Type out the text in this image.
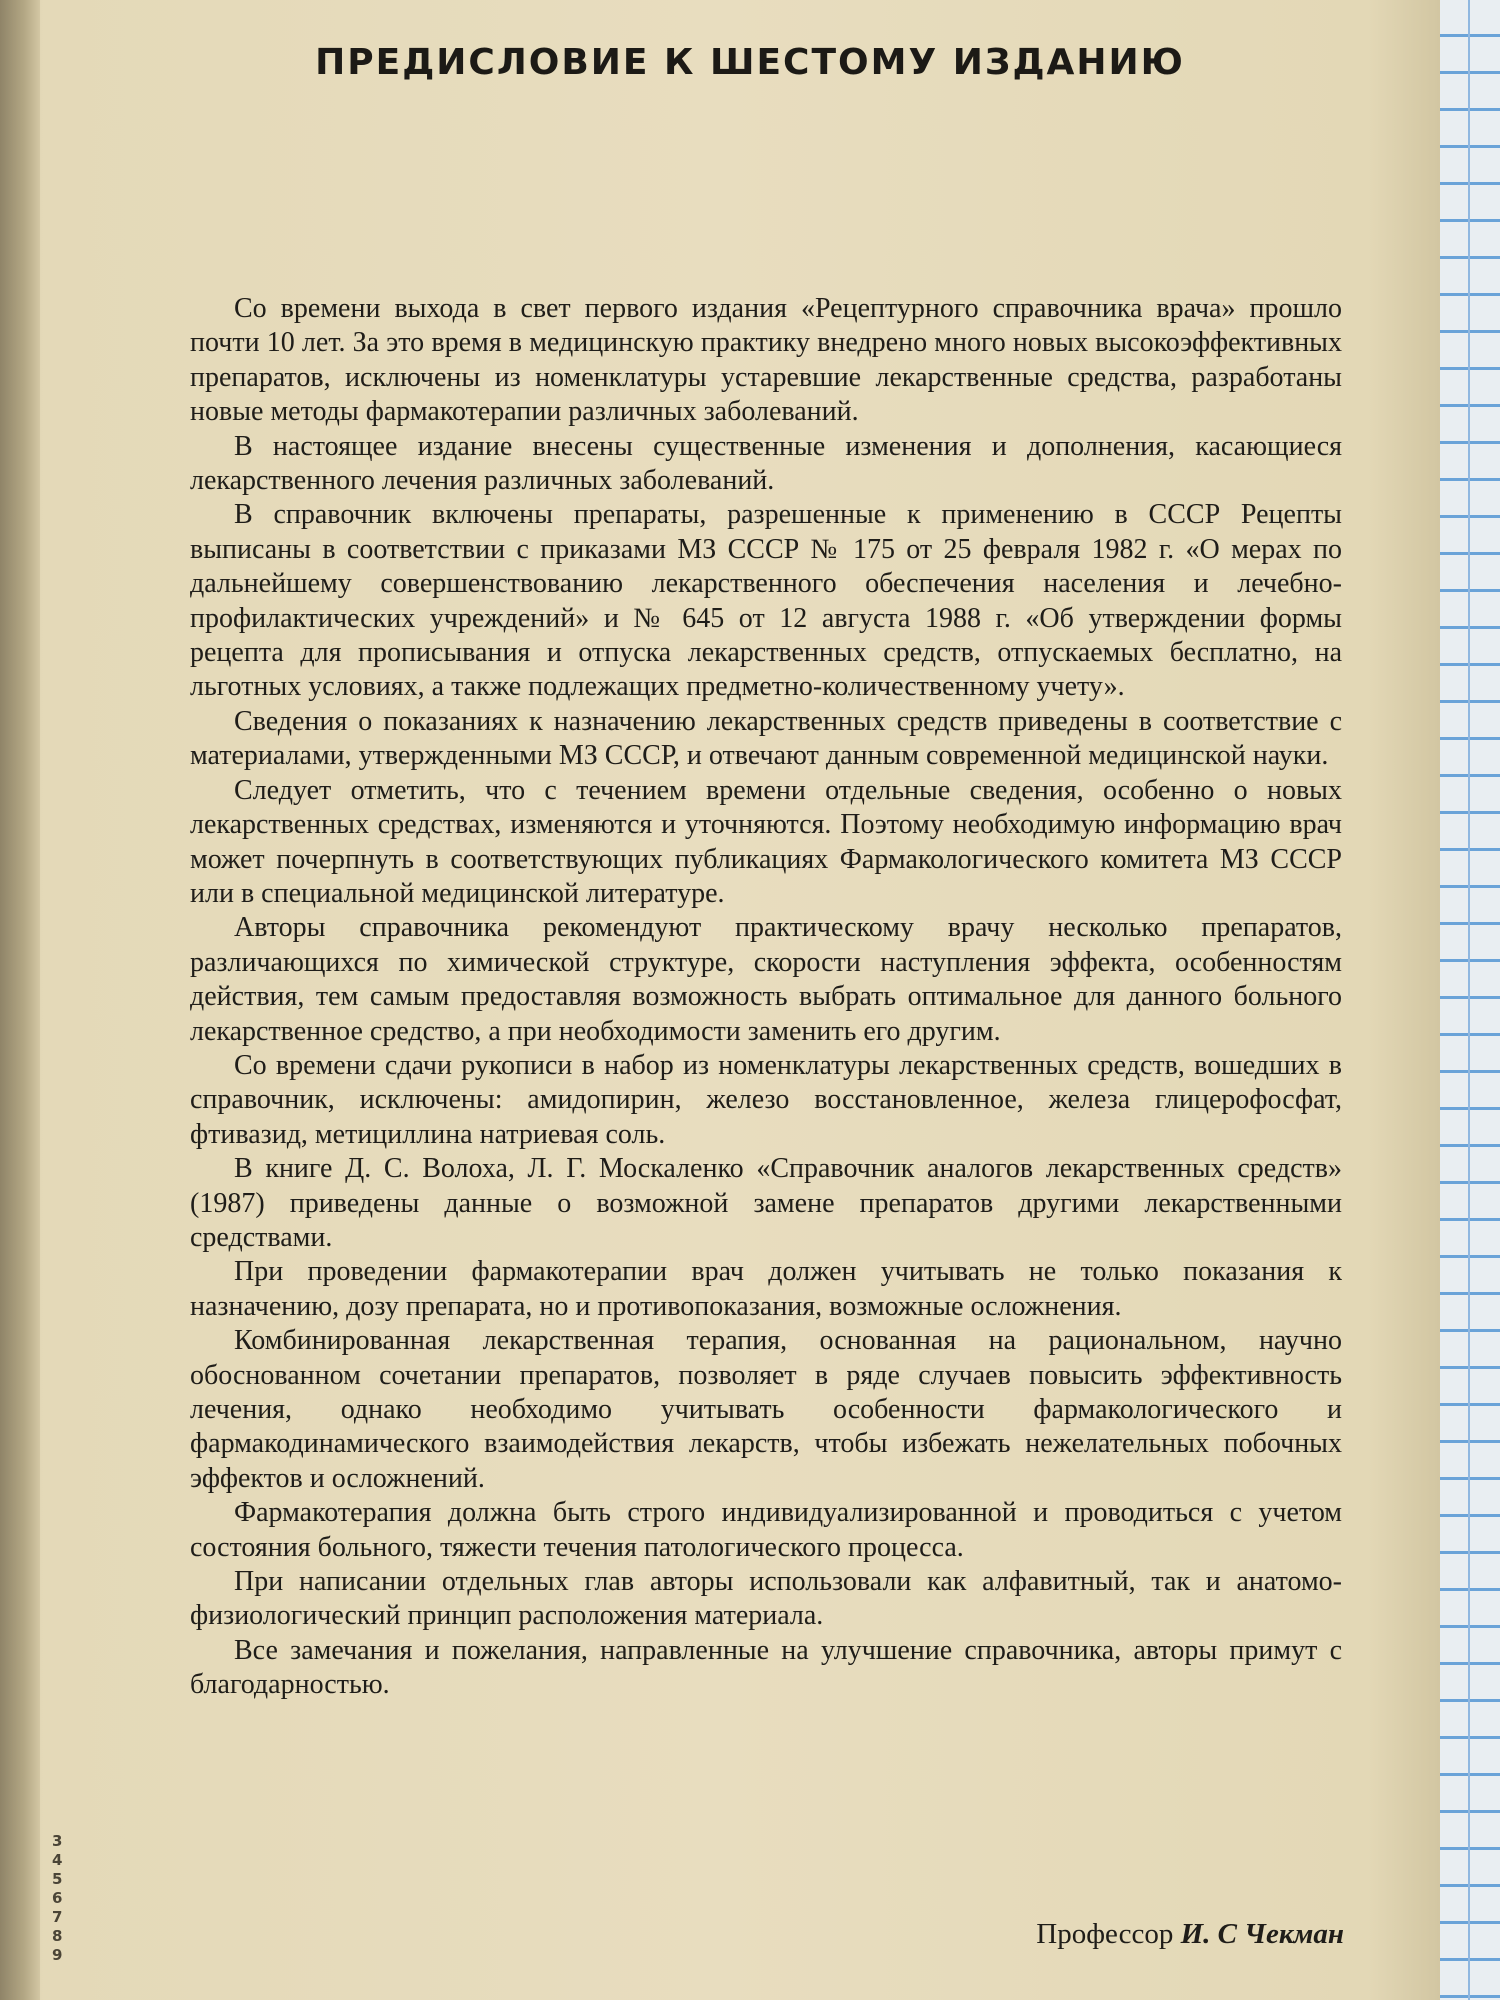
ПРЕДИСЛОВИЕ К ШЕСТОМУ ИЗДАНИЮ

Со времени выхода в свет первого издания «Рецептурного справочника врача» прошло почти 10 лет. За это время в медицинскую практику внедрено много новых высокоэффективных препаратов, исключены из номенклатуры устаревшие лекарственные средства, разработаны новые методы фармакотерапии различных заболеваний.

В настоящее издание внесены существенные изменения и дополнения, касающиеся лекарственного лечения различных заболеваний.

В справочник включены препараты, разрешенные к применению в СССР Рецепты выписаны в соответствии с приказами МЗ СССР № 175 от 25 февраля 1982 г. «О мерах по дальнейшему совершенствованию лекарственного обеспечения населения и лечебно-профилактических учреждений» и № 645 от 12 августа 1988 г. «Об утверждении формы рецепта для прописывания и отпуска лекарственных средств, отпускаемых бесплатно, на льготных условиях, а также подлежащих предметно-количественному учету».

Сведения о показаниях к назначению лекарственных средств приведены в соответствие с материалами, утвержденными МЗ СССР, и отвечают данным современной медицинской науки.

Следует отметить, что с течением времени отдельные сведения, особенно о новых лекарственных средствах, изменяются и уточняются. Поэтому необходимую информацию врач может почерпнуть в соответствующих публикациях Фармакологического комитета МЗ СССР или в специальной медицинской литературе.

Авторы справочника рекомендуют практическому врачу несколько препаратов, различающихся по химической структуре, скорости наступления эффекта, особенностям действия, тем самым предоставляя возможность выбрать оптимальное для данного больного лекарственное средство, а при необходимости заменить его другим.

Со времени сдачи рукописи в набор из номенклатуры лекарственных средств, вошедших в справочник, исключены: амидопирин, железо восстановленное, железа глицерофосфат, фтивазид, метициллина натриевая соль.

В книге Д. С. Волоха, Л. Г. Москаленко «Справочник аналогов лекарственных средств» (1987) приведены данные о возможной замене препаратов другими лекарственными средствами.

При проведении фармакотерапии врач должен учитывать не только показания к назначению, дозу препарата, но и противопоказания, возможные осложнения.

Комбинированная лекарственная терапия, основанная на рациональном, научно обоснованном сочетании препаратов, позволяет в ряде случаев повысить эффективность лечения, однако необходимо учитывать особенности фармакологического и фармакодинамического взаимодействия лекарств, чтобы избежать нежелательных побочных эффектов и осложнений.

Фармакотерапия должна быть строго индивидуализированной и проводиться с учетом состояния больного, тяжести течения патологического процесса.

При написании отдельных глав авторы использовали как алфавитный, так и анатомо-физиологический принцип расположения материала.

Все замечания и пожелания, направленные на улучшение справочника, авторы примут с благодарностью.

3
4
5
6
7
8
9

Профессор И. С Чекман
